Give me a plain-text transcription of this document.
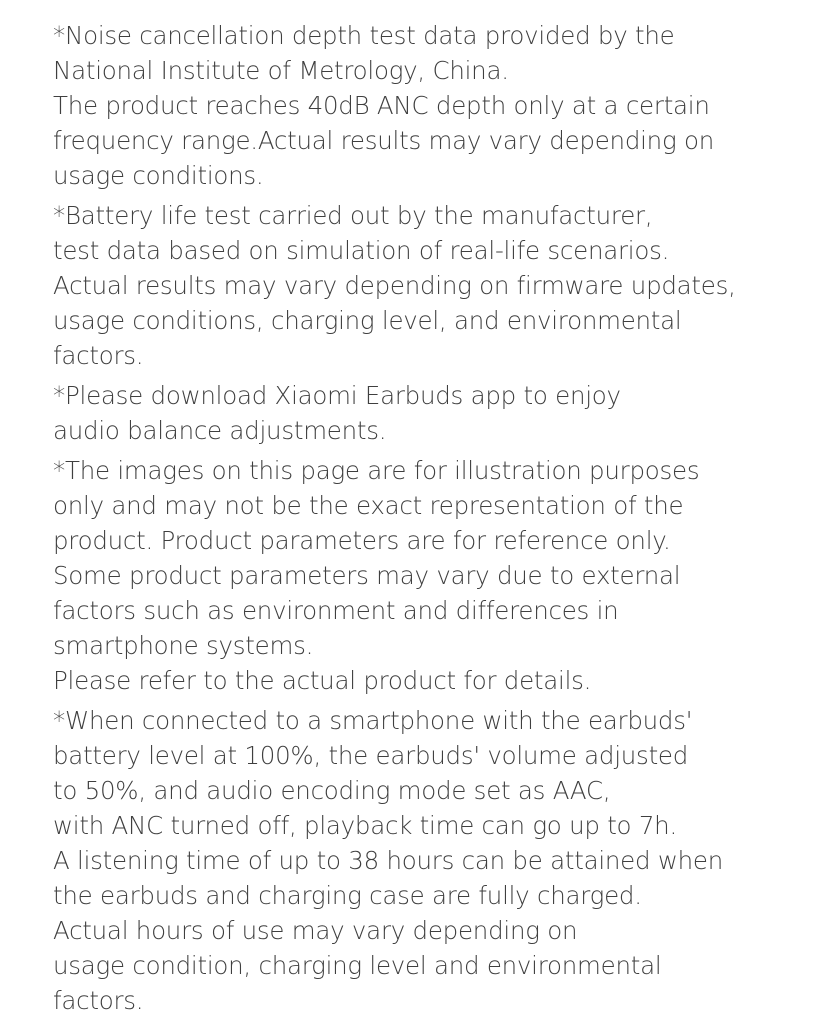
*Noise cancellation depth test data provided by the
National Institute of Metrology, China.
The product reaches 40dB ANC depth only at a certain
frequency range.Actual results may vary depending on
usage conditions.
*Battery life test carried out by the manufacturer,
test data based on simulation of real-life scenarios.
Actual results may vary depending on firmware updates,
usage conditions, charging level, and environmental
factors.
*Please download Xiaomi Earbuds app to enjoy
audio balance adjustments.
*The images on this page are for illustration purposes
only and may not be the exact representation of the
product. Product parameters are for reference only.
Some product parameters may vary due to external
factors such as environment and differences in
smartphone systems.
Please refer to the actual product for details.
*When connected to a smartphone with the earbuds'
battery level at 100%, the earbuds' volume adjusted
to 50%, and audio encoding mode set as AAC,
with ANC turned off, playback time can go up to 7h.
A listening time of up to 38 hours can be attained when
the earbuds and charging case are fully charged.
Actual hours of use may vary depending on
usage condition, charging level and environmental
factors.
